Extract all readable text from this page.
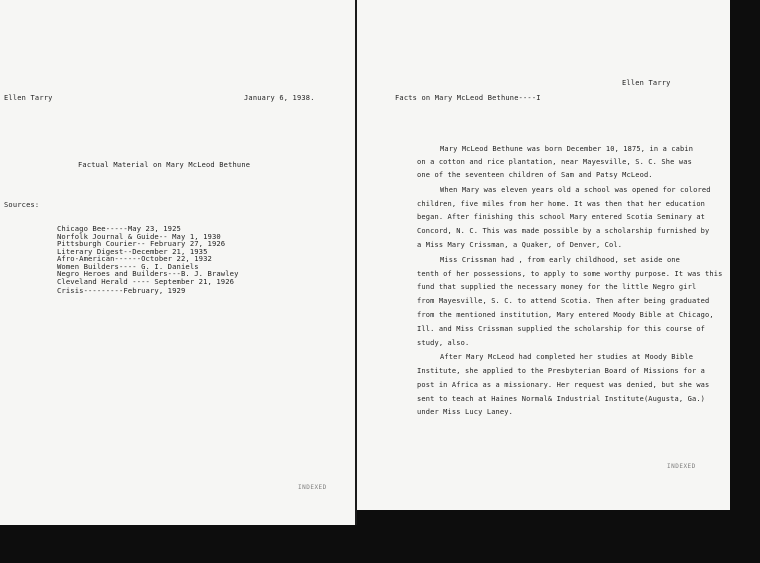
Ellen Tarry	January 6, 1938.
Factual Material on Mary McLeod Bethune
Sources:
Chicago Bee-----May 23, 1925
Norfolk Journal & Guide-- May 1, 1930
Pittsburgh Courier-- February 27, 1926
Literary Digest--December 21, 1935
Afro-American------October 22, 1932
Women Builders---- G. I. Daniels
Negro Heroes and Builders---B. J. Brawley
Cleveland Herald ---- September 21, 1926
Crisis---------February, 1929
INDEXED
Ellen Tarry
Facts on Mary McLeod Bethune----I
Mary McLeod Bethune was born December 10, 1875, in a cabin
on a cotton and rice plantation, near Mayesville, S. C. She was
one of the seventeen children of Sam and Patsy McLeod.
When Mary was eleven years old a school was opened for colored
children, five miles from her home. It was then that her education
began. After finishing this school Mary entered Scotia Seminary at
Concord, N. C. This was made possible by a scholarship furnished by
a Miss Mary Crissman, a Quaker, of Denver, Col.
Miss Crissman had , from early childhood, set aside one
tenth of her possessions, to apply to some worthy purpose. It was this
fund that supplied the necessary money for the little Negro girl
from Mayesville, S. C. to attend Scotia. Then after being graduated
from the mentioned institution, Mary entered Moody Bible at Chicago,
Ill. and Miss Crissman supplied the scholarship for this course of
study, also.
After Mary McLeod had completed her studies at Moody Bible
Institute, she applied to the Presbyterian Board of Missions for a
post in Africa as a missionary. Her request was denied, but she was
sent to teach at Haines Normal& Industrial Institute(Augusta, Ga.)
under Miss Lucy Laney.
INDEXED
